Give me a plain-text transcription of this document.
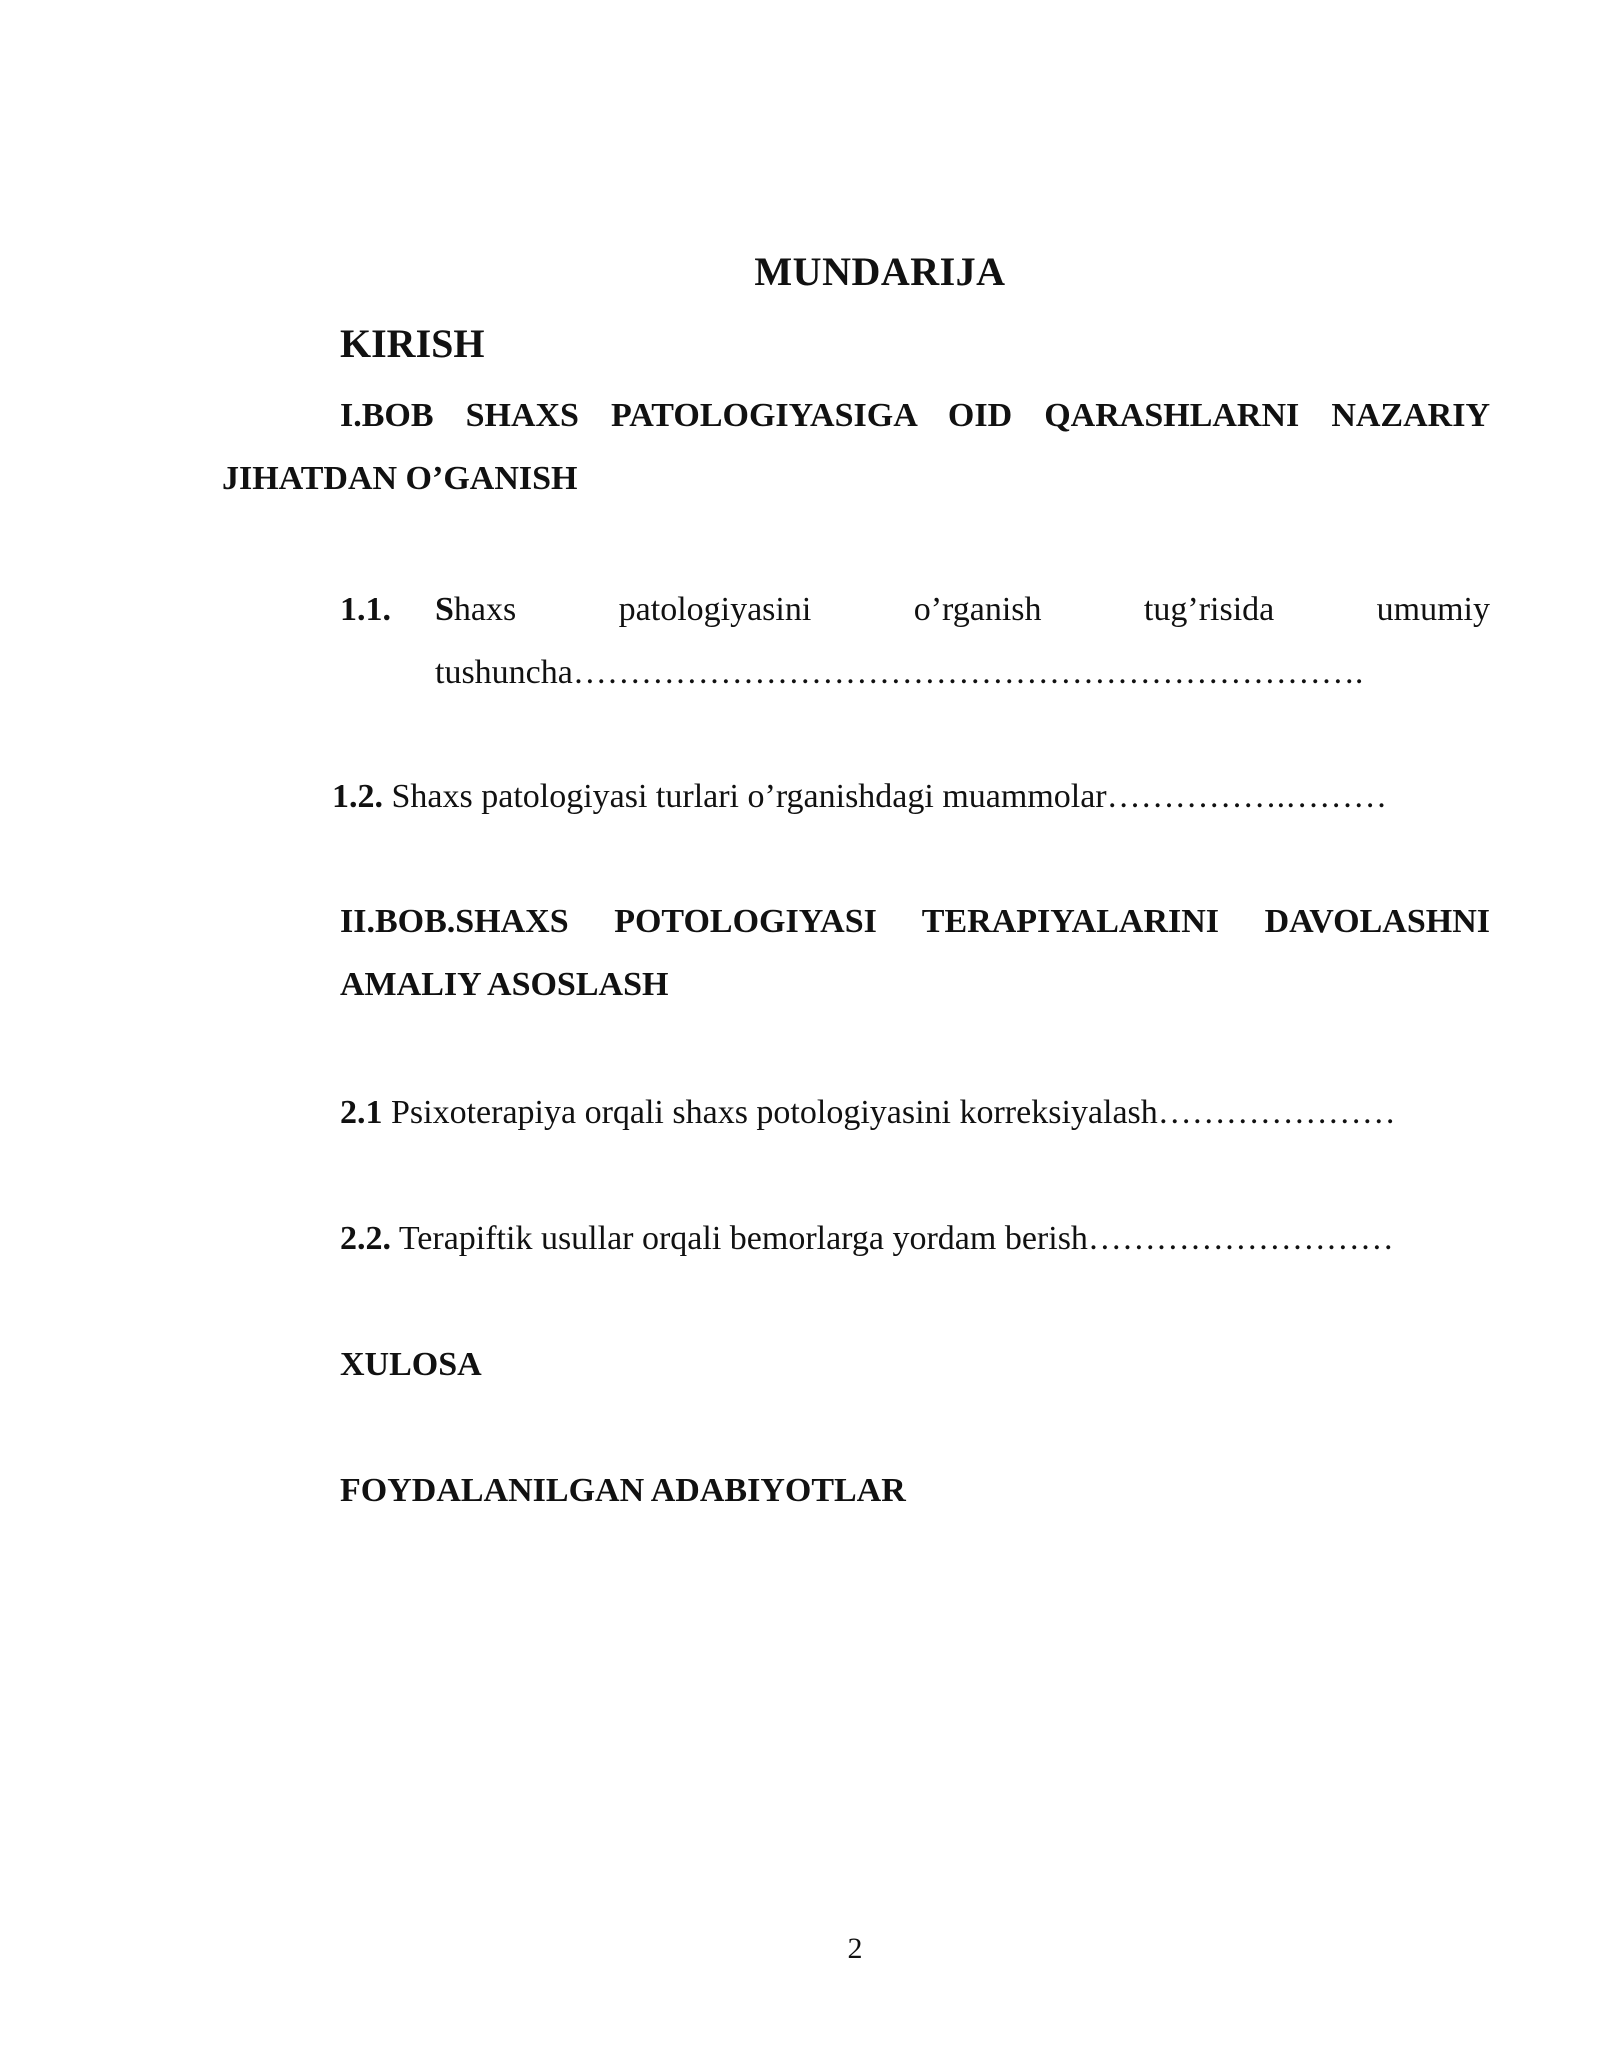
MUNDARIJA
KIRISH
I.BOB SHAXS PATOLOGIYASIGA OID QARASHLARNI NAZARIY
JIHATDAN O’GANISH
1.1. Shaxs patologiyasini o’rganish tug’risida umumiy
tushuncha…………………………………………………………….
1.2. Shaxs patologiyasi turlari o’rganishdagi muammolar…………….………
II.BOB.SHAXS POTOLOGIYASI TERAPIYALARINI DAVOLASHNI
AMALIY ASOSLASH
2.1 Psixoterapiya orqali shaxs potologiyasini korreksiyalash…………………
2.2. Terapiftik usullar orqali bemorlarga yordam berish………………………
XULOSA
FOYDALANILGAN ADABIYOTLAR
2
